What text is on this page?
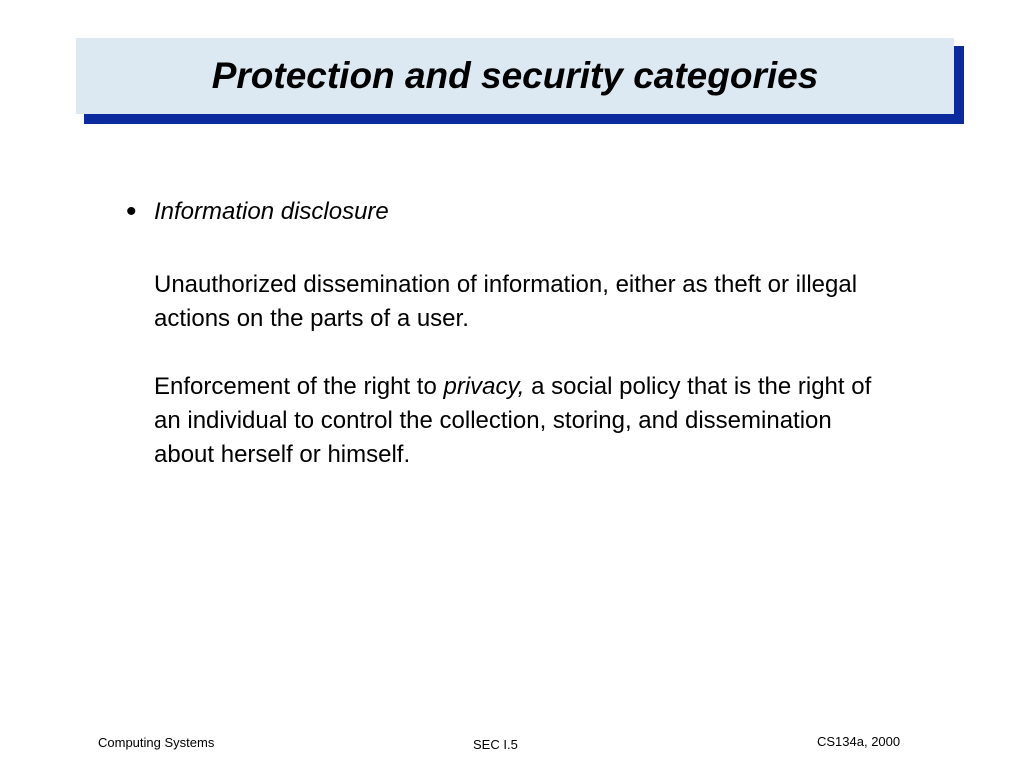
Protection and security categories
• Information disclosure

Unauthorized dissemination of information, either as theft or illegal actions on the parts of a user.

Enforcement of the right to privacy, a social policy that is the right of an individual to control the collection, storing, and dissemination about herself or himself.

Computing Systems	SEC I.5	CS134a, 2000
